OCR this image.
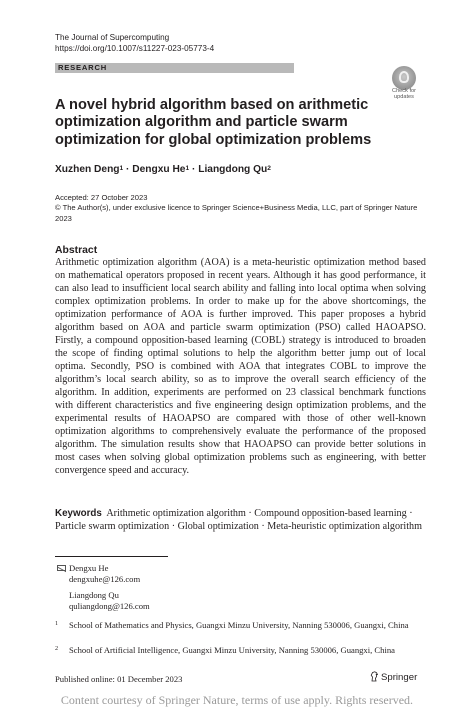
The Journal of Supercomputing
https://doi.org/10.1007/s11227-023-05773-4
RESEARCH
Check for
updates
A novel hybrid algorithm based on arithmetic optimization algorithm and particle swarm optimization for global optimization problems
Xuzhen Deng$^1$ · Dengxu $He^1$ · Liangdong Qu$^2$
Accepted: 27 October 2023
© The Author(s), under exclusive licence to Springer Science+Business Media, LLC, part of Springer Nature 2023
Abstract
Arithmetic optimization algorithm (AOA) is a meta-heuristic optimization method based on mathematical operators proposed in recent years. Although it has good performance, it can also lead to insufficient local search ability and falling into local optima when solving complex optimization problems. In order to make up for the above shortcomings, the optimization performance of AOA is further improved. This paper proposes a hybrid algorithm based on AOA and particle swarm optimization (PSO) called HAOAPSO. Firstly, a compound opposition-based learning (COBL) strategy is introduced to broaden the scope of finding optimal solutions to help the algorithm better jump out of local optima. Secondly, PSO is combined with AOA that integrates COBL to improve the algorithm’s local search ability, so as to improve the overall search efficiency of the algorithm. In addition, experiments are performed on 23 classical benchmark functions with different characteristics and five engineering design optimization problems, and the experimental results of HAOAPSO are compared with those of other well-known optimization algorithms to comprehensively evaluate the performance of the proposed algorithm. The simulation results show that HAOAPSO can provide better solutions in most cases when solving global optimization problems such as engineering, with better convergence speed and accuracy.
Keywords Arithmetic optimization algorithm · Compound opposition-based learning · Particle swarm optimization · Global optimization · Meta-heuristic optimization algorithm
Dengxu He
dengxuhe@126.com
Liangdong Qu
quliangdong@126.com
1 School of Mathematics and Physics, Guangxi Minzu University, Nanning 530006, Guangxi, China
2 School of Artificial Intelligence, Guangxi Minzu University, Nanning 530006, Guangxi, China
Published online: 01 December 2023	Springer
Content courtesy of Springer Nature, terms of use apply. Rights reserved.
